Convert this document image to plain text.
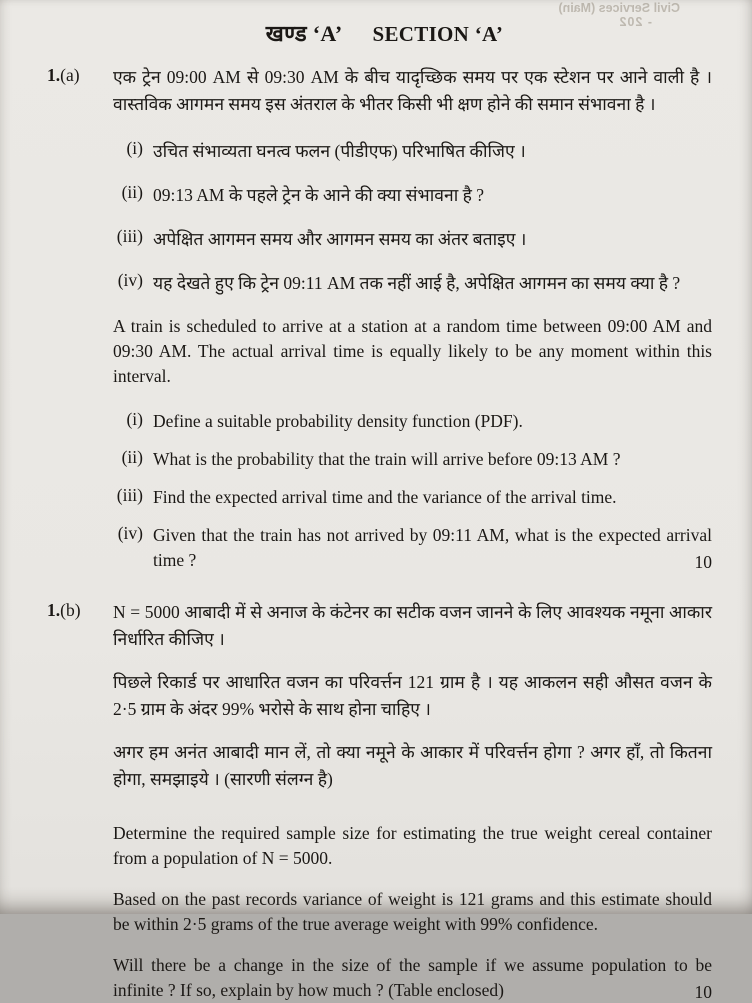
Civil Services (Main)
- 202
खण्ड ‘A’ SECTION ‘A’
1.(a)	एक ट्रेन 09:00 AM से 09:30 AM के बीच यादृच्छिक समय पर एक स्टेशन पर आने वाली है । वास्तविक आगमन समय इस अंतराल के भीतर किसी भी क्षण होने की समान संभावना है ।

(i) उचित संभाव्यता घनत्व फलन (पीडीएफ) परिभाषित कीजिए ।
(ii) 09:13 AM के पहले ट्रेन के आने की क्या संभावना है ?
(iii) अपेक्षित आगमन समय और आगमन समय का अंतर बताइए ।
(iv) यह देखते हुए कि ट्रेन 09:11 AM तक नहीं आई है, अपेक्षित आगमन का समय क्या है ?

A train is scheduled to arrive at a station at a random time between 09:00 AM and 09:30 AM. The actual arrival time is equally likely to be any moment within this interval.

(i) Define a suitable probability density function (PDF).
(ii) What is the probability that the train will arrive before 09:13 AM ?
(iii) Find the expected arrival time and the variance of the arrival time.
(iv) Given that the train has not arrived by 09:11 AM, what is the expected arrival time ?	10
1.(b)	N = 5000 आबादी में से अनाज के कंटेनर का सटीक वजन जानने के लिए आवश्यक नमूना आकार निर्धारित कीजिए ।

पिछले रिकार्ड पर आधारित वजन का परिवर्त्तन 121 ग्राम है । यह आकलन सही औसत वजन के 2·5 ग्राम के अंदर 99% भरोसे के साथ होना चाहिए ।

अगर हम अनंत आबादी मान लें, तो क्या नमूने के आकार में परिवर्त्तन होगा ? अगर हाँ, तो कितना होगा, समझाइये । (सारणी संलग्न है)

Determine the required sample size for estimating the true weight cereal container from a population of N = 5000.

Based on the past records variance of weight is 121 grams and this estimate should be within 2·5 grams of the true average weight with 99% confidence.

Will there be a change in the size of the sample if we assume population to be infinite ? If so, explain by how much ? (Table enclosed)	10
